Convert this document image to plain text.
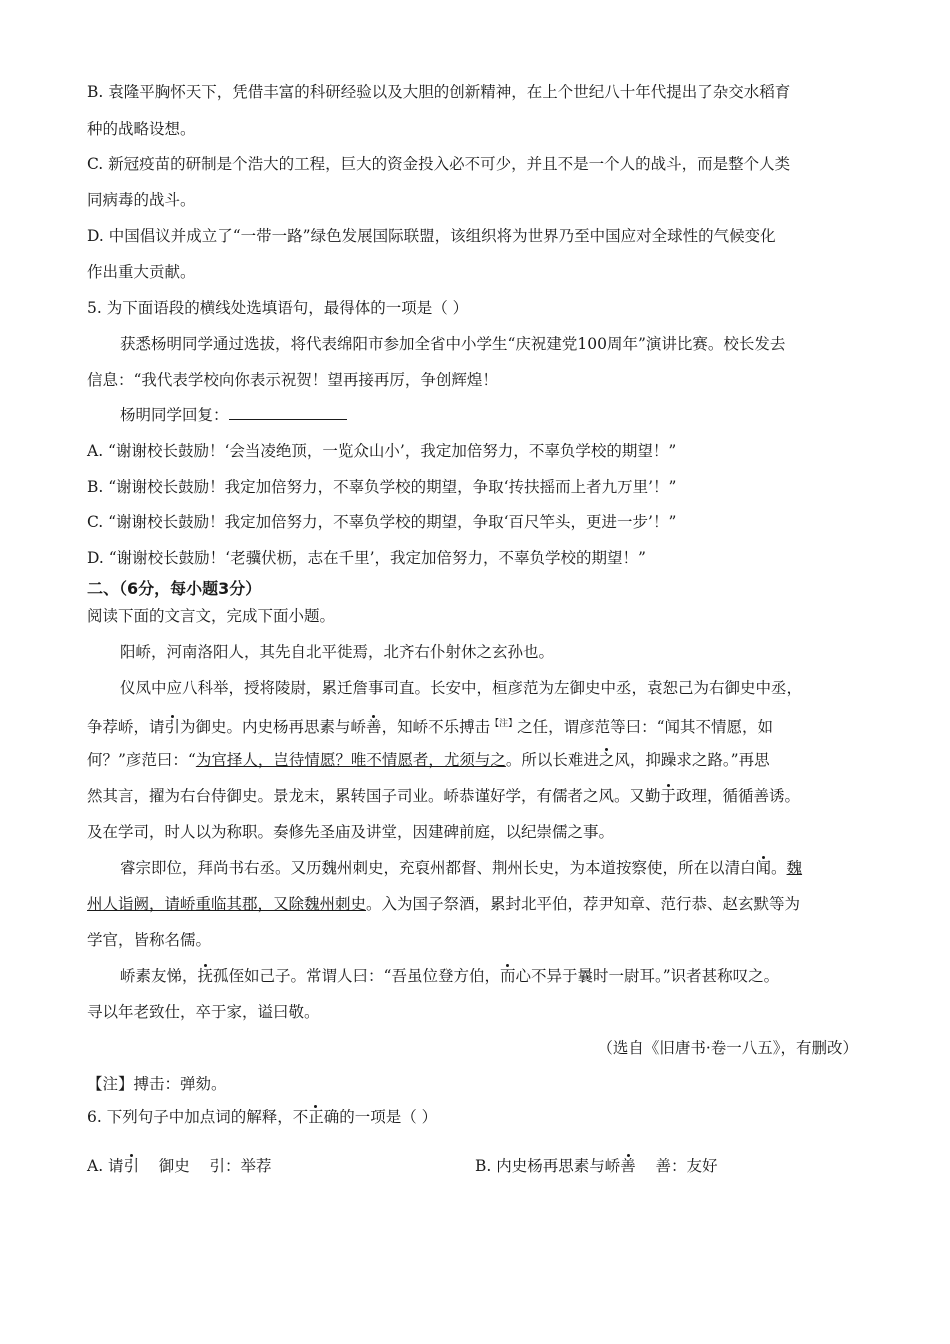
B. 袁隆平胸怀天下，凭借丰富的科研经验以及大胆的创新精神，在上个世纪八十年代提出了杂交水稻育
种的战略设想。
C. 新冠疫苗的研制是个浩大的工程，巨大的资金投入必不可少，并且不是一个人的战斗，而是整个人类
同病毒的战斗。
D. 中国倡议并成立了“一带一路”绿色发展国际联盟，该组织将为世界乃至中国应对全球性的气候变化
作出重大贡献。
5. 为下面语段的横线处选填语句，最得体的一项是（ ）
获悉杨明同学通过选拔，将代表绵阳市参加全省中小学生“庆祝建党100周年”演讲比赛。校长发去
信息：“我代表学校向你表示祝贺！望再接再厉，争创辉煌！
杨明同学回复：
A. “谢谢校长鼓励！‘会当凌绝顶，一览众山小’，我定加倍努力，不辜负学校的期望！”
B. “谢谢校长鼓励！我定加倍努力，不辜负学校的期望，争取‘抟扶摇而上者九万里’！”
C. “谢谢校长鼓励！我定加倍努力，不辜负学校的期望，争取‘百尺竿头，更进一步’！”
D. “谢谢校长鼓励！‘老骥伏枥，志在千里’，我定加倍努力，不辜负学校的期望！”
二、（6分，每小题3分）
阅读下面的文言文，完成下面小题。
阳峤，河南洛阳人，其先自北平徙焉，北齐右仆射休之玄孙也。
仪凤中应八科举，授将陵尉，累迁詹事司直。长安中，桓彦范为左御史中丞，袁恕己为右御史中丞，
争荐峤，请引为御史。内史杨再思素与峤善，知峤不乐搏击$^{【注】}$之任，谓彦范等曰：“闻其不情愿，如
何？”彦范曰：“为官择人，岂待情愿？唯不情愿者，尤须与之。所以长难进之风，抑躁求之路。”再思
然其言，擢为右台侍御史。景龙末，累转国子司业。峤恭谨好学，有儒者之风。又勤于政理，循循善诱。
及在学司，时人以为称职。奏修先圣庙及讲堂，因建碑前庭，以纪崇儒之事。
睿宗即位，拜尚书右丞。又历魏州刺史，充裒州都督、荆州长史，为本道按察使，所在以清白闻。魏
州人诣阙，请峤重临其郡，又除魏州刺史。入为国子祭酒，累封北平伯，荐尹知章、范行恭、赵玄默等为
学官，皆称名儒。
峤素友悌，抚孤侄如己子。常谓人曰：“吾虽位登方伯，而心不异于曩时一尉耳。”识者甚称叹之。
寻以年老致仕，卒于家，谥曰敬。
（选自《旧唐书·卷一八五》，有删改）
【注】搏击：弹劾。
6. 下列句子中加点词的解释，不正确的一项是（ ）
A. 请引    御史    引：举荐	B. 内史杨再思素与峤善    善：友好
